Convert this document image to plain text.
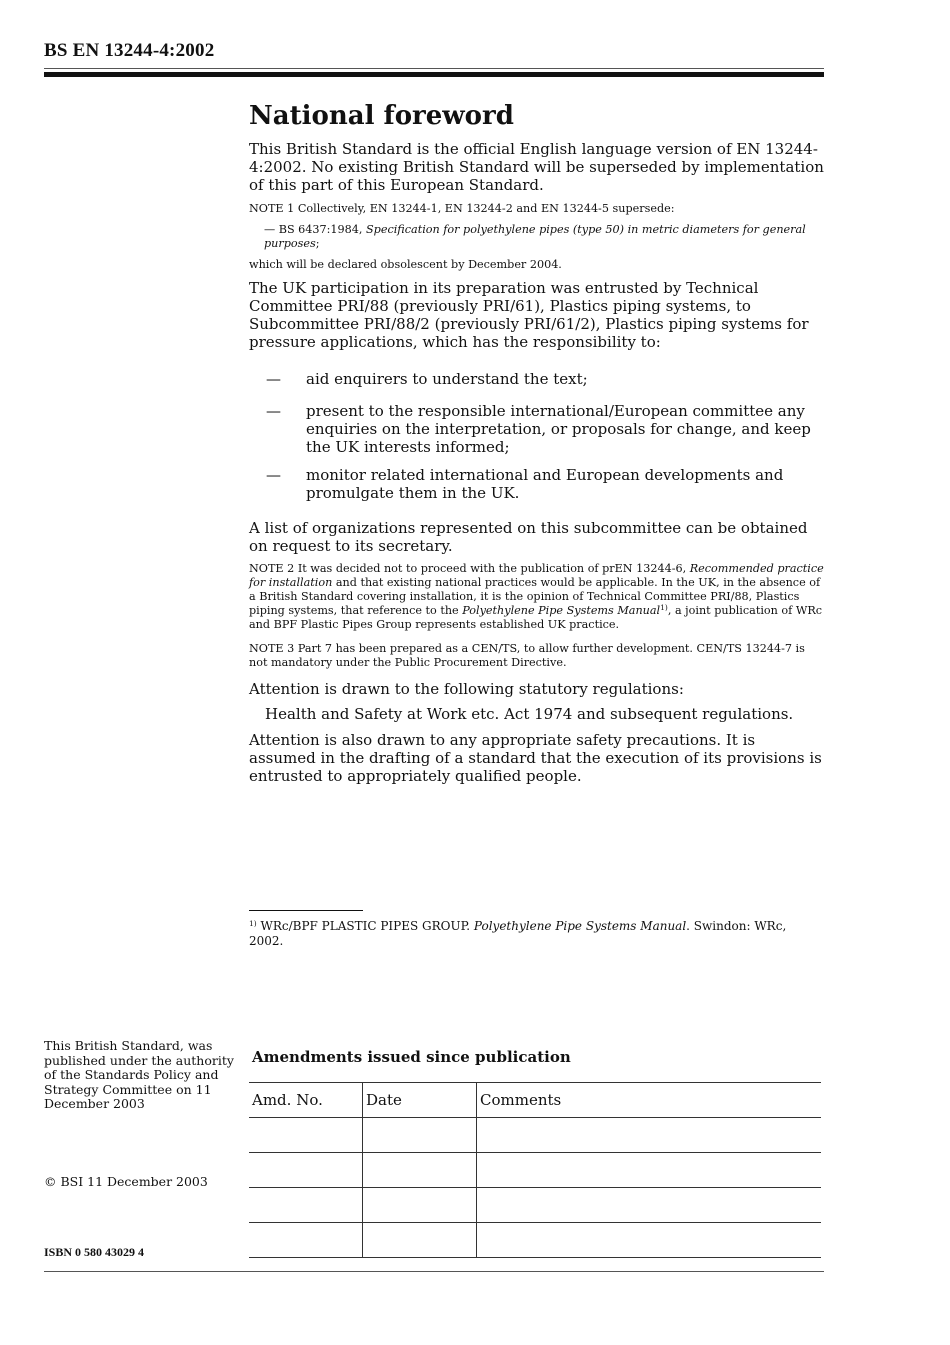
BS EN 13244-4:2002
National foreword
This British Standard is the official English language version of EN 13244-4:2002. No existing British Standard will be superseded by implementation of this part of this European Standard.
NOTE 1 Collectively, EN 13244-1, EN 13244-2 and EN 13244-5 supersede:
— BS 6437:1984, Specification for polyethylene pipes (type 50) in metric diameters for general purposes;
which will be declared obsolescent by December 2004.
The UK participation in its preparation was entrusted by Technical Committee PRI/88 (previously PRI/61), Plastics piping systems, to Subcommittee PRI/88/2 (previously PRI/61/2), Plastics piping systems for pressure applications, which has the responsibility to:
—	aid enquirers to understand the text;
—	present to the responsible international/European committee any enquiries on the interpretation, or proposals for change, and keep the UK interests informed;
—	monitor related international and European developments and promulgate them in the UK.
A list of organizations represented on this subcommittee can be obtained on request to its secretary.
NOTE 2 It was decided not to proceed with the publication of prEN 13244-6, Recommended practice for installation and that existing national practices would be applicable. In the UK, in the absence of a British Standard covering installation, it is the opinion of Technical Committee PRI/88, Plastics piping systems, that reference to the Polyethylene Pipe Systems Manual$^{1)}$, a joint publication of WRc and BPF Plastic Pipes Group represents established UK practice.
NOTE 3 Part 7 has been prepared as a CEN/TS, to allow further development. CEN/TS 13244-7 is not mandatory under the Public Procurement Directive.
Attention is drawn to the following statutory regulations:
Health and Safety at Work etc. Act 1974 and subsequent regulations.
Attention is also drawn to any appropriate safety precautions. It is assumed in the drafting of a standard that the execution of its provisions is entrusted to appropriately qualified people.
$^{1)}$ WRc/BPF PLASTIC PIPES GROUP. Polyethylene Pipe Systems Manual. Swindon: WRc, 2002.
This British Standard, was published under the authority of the Standards Policy and Strategy Committee on 11 December 2003
© BSI 11 December 2003
ISBN 0 580 43029 4
Amendments issued since publication
Amd. No.	Date	Comments
